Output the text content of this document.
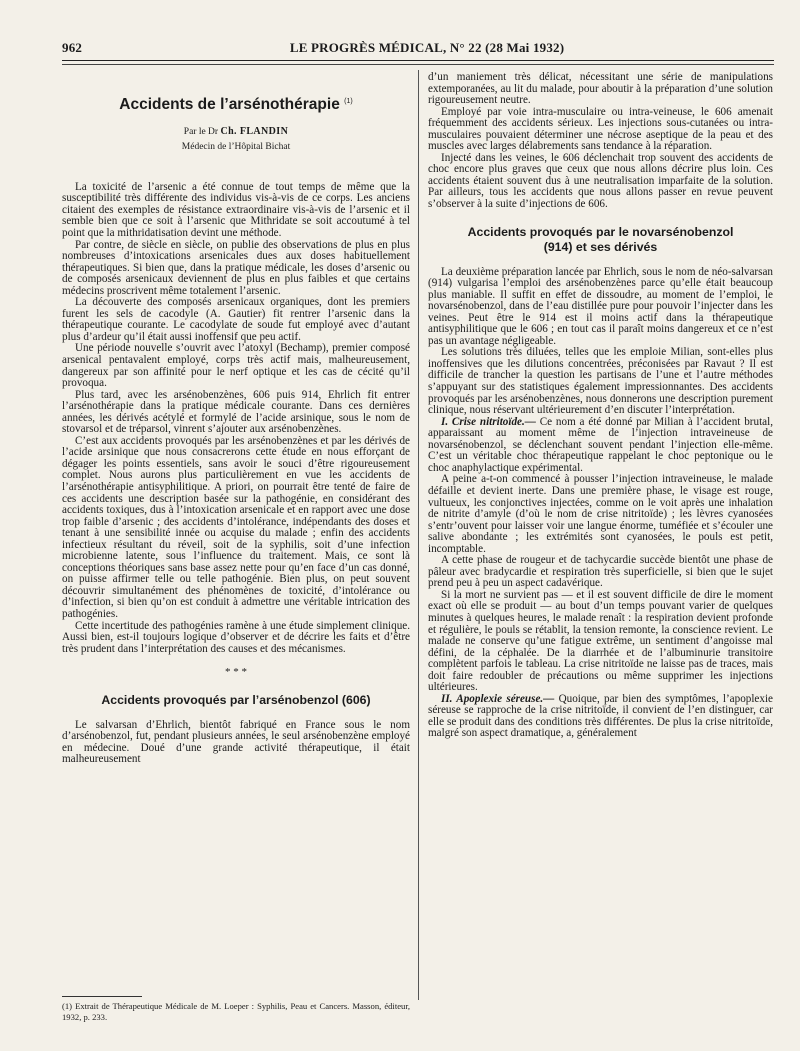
962	LE PROGRÈS MÉDICAL, N° 22 (28 Mai 1932)
Accidents de l’arsénothérapie $^{(1)}$
Par le Dr Ch. FLANDIN
Médecin de l’Hôpital Bichat

La toxicité de l’arsenic a été connue de tout temps de même que la susceptibilité très différente des individus vis-à-vis de ce corps. Les anciens citaient des exemples de résistance extraordinaire vis-à-vis de l’arsenic et il semble bien que ce soit à l’arsenic que Mithridate se soit accoutumé à tel point que la mithridatisation devint une méthode.

Par contre, de siècle en siècle, on publie des observations de plus en plus nombreuses d’intoxications arsenicales dues aux doses habituellement thérapeutiques. Si bien que, dans la pratique médicale, les doses d’arsenic ou de composés arsenicaux deviennent de plus en plus faibles et que certains médecins proscrivent même totalement l’arsenic.

La découverte des composés arsenicaux organiques, dont les premiers furent les sels de cacodyle (A. Gautier) fit rentrer l’arsenic dans la thérapeutique courante. Le cacodylate de soude fut employé avec d’autant plus d’ardeur qu’il était aussi inoffensif que peu actif.

Une période nouvelle s’ouvrit avec l’atoxyl (Bechamp), premier composé arsenical pentavalent employé, corps très actif mais, malheureusement, dangereux par son affinité pour le nerf optique et les cas de cécité qu’il provoqua.

Plus tard, avec les arsénobenzènes, 606 puis 914, Ehrlich fit entrer l’arsénothérapie dans la pratique médicale courante. Dans ces dernières années, les dérivés acétylé et formylé de l’acide arsinique, sous le nom de stovarsol et de tréparsol, vinrent s’ajouter aux arsénobenzènes.

C’est aux accidents provoqués par les arsénobenzènes et par les dérivés de l’acide arsinique que nous consacrerons cette étude en nous efforçant de dégager les points essentiels, sans avoir le souci d’être rigoureusement complet. Nous aurons plus particulièrement en vue les accidents de l’arsénothérapie antisyphilitique. A priori, on pourrait être tenté de faire de ces accidents une description basée sur la pathogénie, en considérant des accidents toxiques, dus à l’intoxication arsenicale et en rapport avec une dose trop faible d’arsenic ; des accidents d’intolérance, indépendants des doses et tenant à une sensibilité innée ou acquise du malade ; enfin des accidents infectieux résultant du réveil, soit de la syphilis, soit d’une infection microbienne latente, sous l’influence du traitement. Mais, ce sont là conceptions théoriques sans base assez nette pour qu’en face d’un cas donné, on puisse affirmer telle ou telle pathogénie. Bien plus, on peut souvent découvrir simultanément des phénomènes de toxicité, d’intolérance ou d’infection, si bien qu’on est conduit à admettre une véritable intrication des pathogénies.

Cette incertitude des pathogénies ramène à une étude simplement clinique. Aussi bien, est-il toujours logique d’observer et de décrire les faits et d’être très prudent dans l’interprétation des causes et des mécanismes.

* * *
Accidents provoqués par l’arsénobenzol (606)

Le salvarsan d’Ehrlich, bientôt fabriqué en France sous le nom d’arsénobenzol, fut, pendant plusieurs années, le seul arsénobenzène employé en médecine. Doué d’une grande activité thérapeutique, il était malheureusement

d’un maniement très délicat, nécessitant une série de manipulations extemporanées, au lit du malade, pour aboutir à la préparation d’une solution rigoureusement neutre.

Employé par voie intra-musculaire ou intra-veineuse, le 606 amenait fréquemment des accidents sérieux. Les injections sous-cutanées ou intra-musculaires pouvaient déterminer une nécrose aseptique de la peau et des muscles avec larges délabrements sans tendance à la réparation.

Injecté dans les veines, le 606 déclenchait trop souvent des accidents de choc encore plus graves que ceux que nous allons décrire plus loin. Ces accidents étaient souvent dus à une neutralisation imparfaite de la solution. Par ailleurs, tous les accidents que nous allons passer en revue peuvent s’observer à la suite d’injections de 606.

Accidents provoqués par le novarsénobenzol
(914) et ses dérivés

La deuxième préparation lancée par Ehrlich, sous le nom de néo-salvarsan (914) vulgarisa l’emploi des arsénobenzènes parce qu’elle était beaucoup plus maniable. Il suffit en effet de dissoudre, au moment de l’emploi, le novarsénobenzol, dans de l’eau distillée pure pour pouvoir l’injecter dans les veines. Peut être le 914 est il moins actif dans la thérapeutique antisyphilitique que le 606 ; en tout cas il paraît moins dangereux et ce n’est pas un avantage négligeable.

Les solutions très diluées, telles que les emploie Milian, sont-elles plus inoffensives que les dilutions concentrées, préconisées par Ravaut ? Il est difficile de trancher la question les partisans de l’une et l’autre méthodes s’appuyant sur des statistiques également impressionnantes. Des accidents provoqués par les arsénobenzènes, nous donnerons une description purement clinique, nous réservant ultérieurement d’en discuter l’interprétation.

I. Crise nitritoïde.— Ce nom a été donné par Milian à l’accident brutal, apparaissant au moment même de l’injection intraveineuse de novarsénobenzol, se déclenchant souvent pendant l’injection elle-même. C’est un véritable choc thérapeutique rappelant le choc peptonique ou le choc anaphylactique expérimental.

A peine a-t-on commencé à pousser l’injection intraveineuse, le malade défaille et devient inerte. Dans une première phase, le visage est rouge, vultueux, les conjonctives injectées, comme on le voit après une inhalation de nitrite d’amyle (d’où le nom de crise nitritoïde) ; les lèvres cyanosées s’entr’ouvent pour laisser voir une langue énorme, tuméfiée et s’écouler une salive abondante ; les extrémités sont cyanosées, le pouls est petit, incomptable.

A cette phase de rougeur et de tachycardie succède bientôt une phase de pâleur avec bradycardie et respiration très superficielle, si bien que le sujet prend peu à peu un aspect cadavérique.

Si la mort ne survient pas — et il est souvent difficile de dire le moment exact où elle se produit — au bout d’un temps pouvant varier de quelques minutes à quelques heures, le malade renaît : la respiration devient profonde et régulière, le pouls se rétablit, la tension remonte, la conscience revient. Le malade ne conserve qu’une fatigue extrême, un sentiment d’angoisse mal défini, de la céphalée. De la diarrhée et de l’albuminurie transitoire complètent parfois le tableau. La crise nitritoïde ne laisse pas de traces, mais doit faire redoubler de précautions ou même supprimer les injections ultérieures.

II. Apoplexie séreuse.— Quoique, par bien des symptômes, l’apoplexie séreuse se rapproche de la crise nitritoïde, il convient de l’en distinguer, car elle se produit dans des conditions très différentes. De plus la crise nitritoïde, malgré son aspect dramatique, a, généralement

(1) Extrait de Thérapeutique Médicale de M. Loeper : Syphilis, Peau et Cancers. Masson, éditeur, 1932, p. 233.
